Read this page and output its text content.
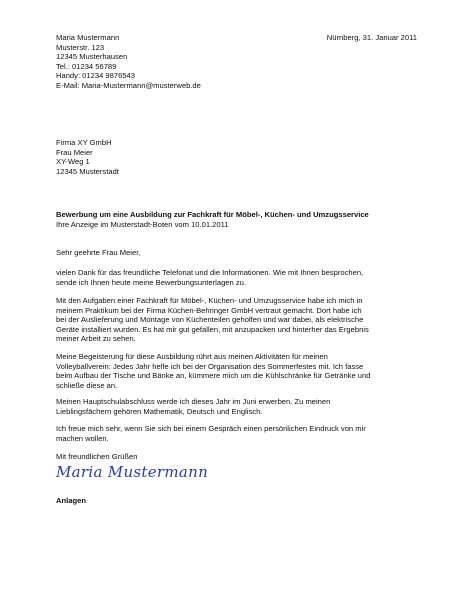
Maria Mustermann
Musterstr. 123
12345 Musterhausen
Tel.: 01234 56789
Handy: 01234 9876543
E-Mail: Maria-Mustermann@musterweb.de
Nürnberg, 31. Januar 2011
Firma XY GmbH
Frau Meier
XY-Weg 1
12345 Musterstadt
Bewerbung um eine Ausbildung zur Fachkraft für Möbel-, Küchen- und Umzugsservice
Ihre Anzeige im Musterstadt-Boten vom 10.01.2011
Sehr geehrte Frau Meier,
vielen Dank für das freundliche Telefonat und die Informationen. Wie mit Ihnen besprochen,
sende ich Ihnen heute meine Bewerbungsunterlagen zu.
Mit den Aufgaben einer Fachkraft für Möbel-, Küchen- und Umzugsservice habe ich mich in
meinem Praktikum bei der Firma Küchen-Behringer GmbH vertraut gemacht. Dort habe ich
bei der Auslieferung und Montage von Küchenteilen geholfen und war dabei, als elektrische
Geräte installiert wurden. Es hat mir gut gefallen, mit anzupacken und hinterher das Ergebnis
meiner Arbeit zu sehen.
Meine Begeisterung für diese Ausbildung rührt aus meinen Aktivitäten für meinen
Volleyballverein: Jedes Jahr helfe ich bei der Organisation des Sommerfestes mit. Ich fasse
beim Aufbau der Tische und Bänke an, kümmere mich um die Kühlschränke für Getränke und
schließe diese an.
Meinen Hauptschulabschluss werde ich dieses Jahr im Juni erwerben. Zu meinen
Lieblingsfächern gehören Mathematik, Deutsch und Englisch.
Ich freue mich sehr, wenn Sie sich bei einem Gespräch einen persönlichen Eindruck von mir
machen wollen.
Mit freundlichen Grüßen
Maria Mustermann
Anlagen
